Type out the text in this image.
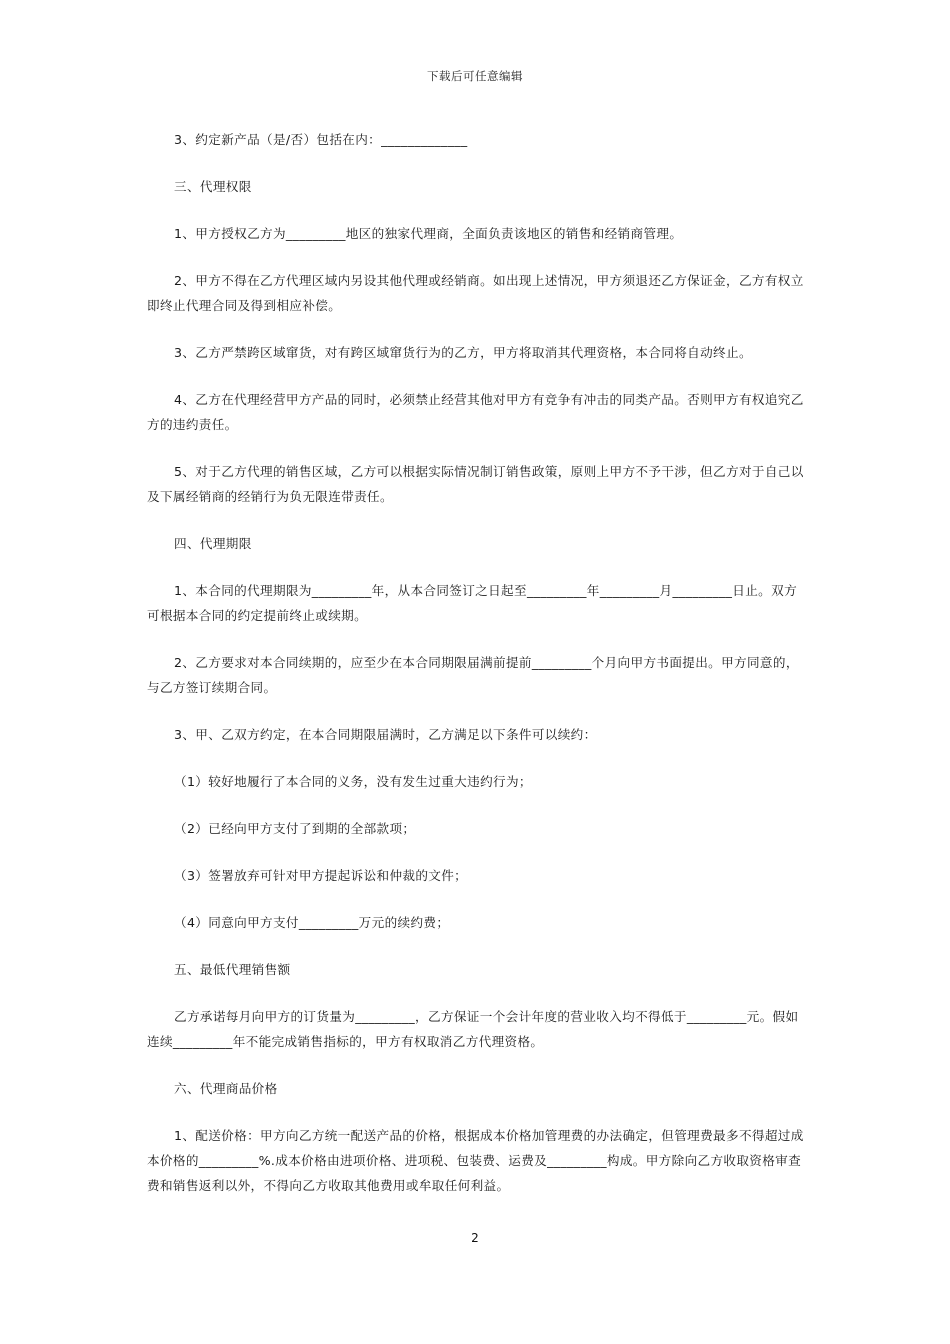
下载后可任意编辑
3、约定新产品（是/否）包括在内：_____________
三、代理权限
1、甲方授权乙方为_________地区的独家代理商，全面负责该地区的销售和经销商管理。
2、甲方不得在乙方代理区域内另设其他代理或经销商。如出现上述情况，甲方须退还乙方保证金，乙方有权立即终止代理合同及得到相应补偿。
3、乙方严禁跨区域窜货，对有跨区域窜货行为的乙方，甲方将取消其代理资格，本合同将自动终止。
4、乙方在代理经营甲方产品的同时，必须禁止经营其他对甲方有竞争有冲击的同类产品。否则甲方有权追究乙方的违约责任。
5、对于乙方代理的销售区域，乙方可以根据实际情况制订销售政策，原则上甲方不予干涉，但乙方对于自己以及下属经销商的经销行为负无限连带责任。
四、代理期限
1、本合同的代理期限为_________年，从本合同签订之日起至_________年_________月_________日止。双方可根据本合同的约定提前终止或续期。
2、乙方要求对本合同续期的，应至少在本合同期限届满前提前_________个月向甲方书面提出。甲方同意的，与乙方签订续期合同。
3、甲、乙双方约定，在本合同期限届满时，乙方满足以下条件可以续约：
（1）较好地履行了本合同的义务，没有发生过重大违约行为；
（2）已经向甲方支付了到期的全部款项；
（3）签署放弃可针对甲方提起诉讼和仲裁的文件；
（4）同意向甲方支付_________万元的续约费；
五、最低代理销售额
乙方承诺每月向甲方的订货量为_________，乙方保证一个会计年度的营业收入均不得低于_________元。假如连续_________年不能完成销售指标的，甲方有权取消乙方代理资格。
六、代理商品价格
1、配送价格：甲方向乙方统一配送产品的价格，根据成本价格加管理费的办法确定，但管理费最多不得超过成本价格的_________%.成本价格由进项价格、进项税、包装费、运费及_________构成。甲方除向乙方收取资格审查费和销售返利以外，不得向乙方收取其他费用或牟取任何利益。
2
